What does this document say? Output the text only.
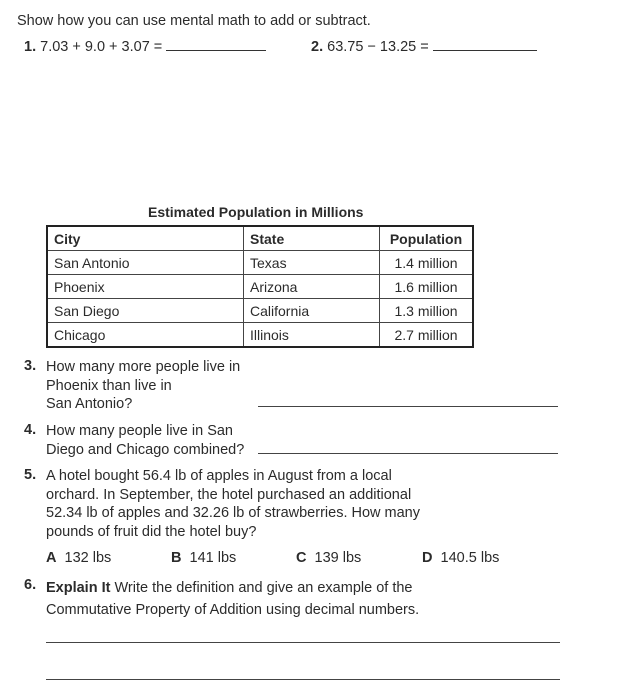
Show how you can use mental math to add or subtract.
1. 7.03 + 9.0 + 3.07 =	2. 63.75 − 13.25 =
Estimated Population in Millions
City	State	Population
San Antonio	Texas	1.4 million
Phoenix	Arizona	1.6 million
San Diego	California	1.3 million
Chicago	Illinois	2.7 million
3. How many more people live in
Phoenix than live in
San Antonio?
4. How many people live in San
Diego and Chicago combined?
5. A hotel bought 56.4 lb of apples in August from a local
orchard. In September, the hotel purchased an additional
52.34 lb of apples and 32.26 lb of strawberries. How many
pounds of fruit did the hotel buy?
A 132 lbs	B 141 lbs	C 139 lbs	D 140.5 lbs
6. Explain It Write the definition and give an example of the
Commutative Property of Addition using decimal numbers.
